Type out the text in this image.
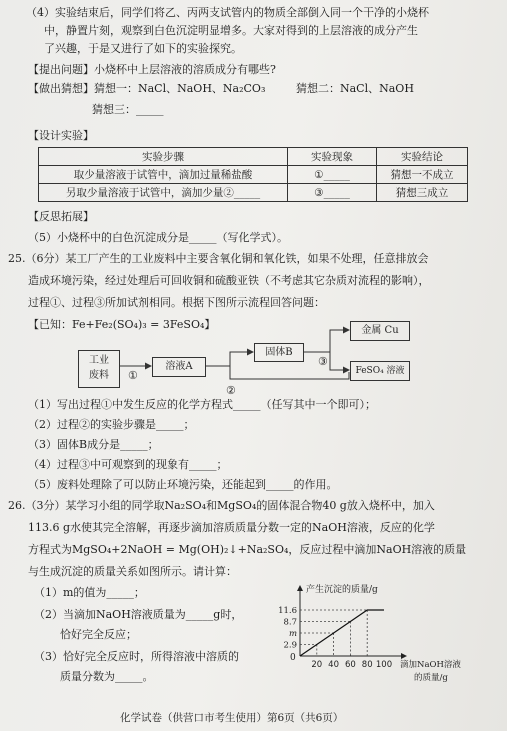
（4）实验结束后，同学们将乙、丙两支试管内的物质全部倒入同一个干净的小烧杯
中，静置片刻，观察到白色沉淀明显增多。大家对得到的上层溶液的成分产生
了兴趣，于是又进行了如下的实验探究。
【提出问题】小烧杯中上层溶液的溶质成分有哪些?
【做出猜想】猜想一：NaCl、NaOH、Na₂CO₃	猜想二：NaCl、NaOH
猜想三：_____
【设计实验】
实验步骤	实验现象	实验结论
取少量溶液于试管中，滴加过量稀盐酸	①_____	猜想一不成立
另取少量溶液于试管中，滴加少量②_____	③_____	猜想三成立
【反思拓展】
（5）小烧杯中的白色沉淀成分是_____（写化学式）。
25.（6分）某工厂产生的工业废料中主要含氧化铜和氧化铁，如果不处理，任意排放会
造成环境污染，经过处理后可回收铜和硫酸亚铁（不考虑其它杂质对流程的影响），
过程①、过程③所加试剂相同。根据下图所示流程回答问题：
【已知：Fe+Fe₂(SO₄)₃ = 3FeSO₄】
工业
废料
溶液A
固体B
金属 Cu
FeSO₄ 溶液
①
②
③
（1）写出过程①中发生反应的化学方程式_____（任写其中一个即可）；
（2）过程②的实验步骤是_____；
（3）固体B成分是_____；
（4）过程③中可观察到的现象有_____；
（5）废料处理除了可以防止环境污染，还能起到_____的作用。
26.（3分）某学习小组的同学取Na₂SO₄和MgSO₄的固体混合物40 g放入烧杯中，加入
113.6 g水使其完全溶解，再逐步滴加溶质质量分数一定的NaOH溶液，反应的化学
方程式为MgSO₄+2NaOH = Mg(OH)₂↓+Na₂SO₄，反应过程中滴加NaOH溶液的质量
与生成沉淀的质量关系如图所示。请计算：
（1）m的值为_____；
（2）当滴加NaOH溶液质量为_____g时，
恰好完全反应；
（3）恰好完全反应时，所得溶液中溶质的
质量分数为_____。
产生沉淀的质量/g
0
11.6
8.7
m
2.9
20 40 60 80 100 滴加NaOH溶液
的质量/g
化学试卷（供营口市考生使用）第6页（共6页）
